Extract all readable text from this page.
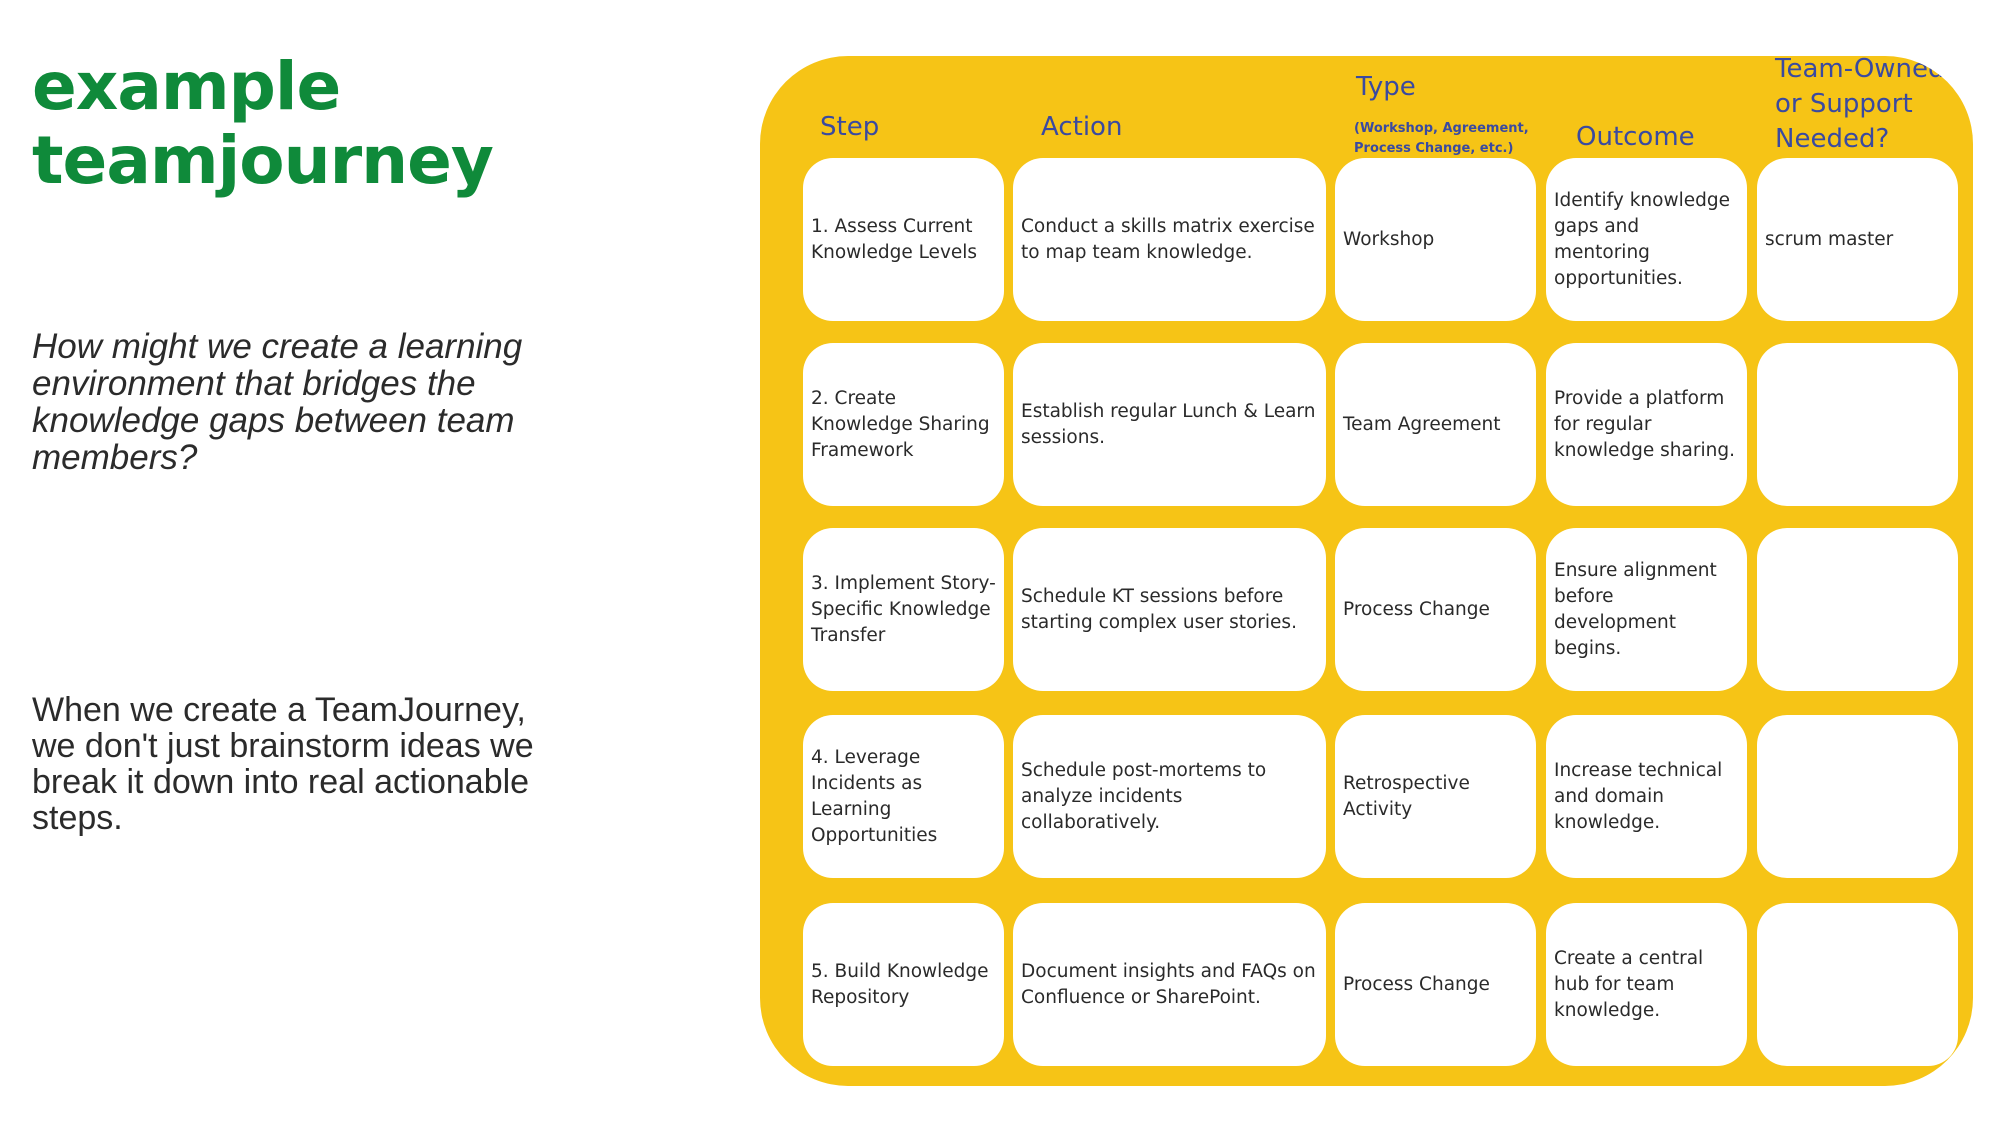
example
teamjourney

How might we create a learning environment that bridges the knowledge gaps between team members?

When we create a TeamJourney, we don't just brainstorm ideas we break it down into real actionable steps.

Step	Action
Type
(Workshop, Agreement, Process Change, etc.)	Outcome
Team-Owned or Support Needed?
1. Assess Current Knowledge Levels
Conduct a skills matrix exercise to map team knowledge.
Workshop
Identify knowledge gaps and mentoring opportunities.
scrum master
2. Create Knowledge Sharing Framework
Establish regular Lunch & Learn sessions.
Team Agreement
Provide a platform for regular knowledge sharing.
3. Implement Story-Specific Knowledge Transfer
Schedule KT sessions before starting complex user stories.
Process Change
Ensure alignment before development begins.
4. Leverage Incidents as Learning Opportunities
Schedule post-mortems to analyze incidents collaboratively.
Retrospective Activity
Increase technical and domain knowledge.
5. Build Knowledge Repository
Document insights and FAQs on Confluence or SharePoint.
Process Change
Create a central hub for team knowledge.
